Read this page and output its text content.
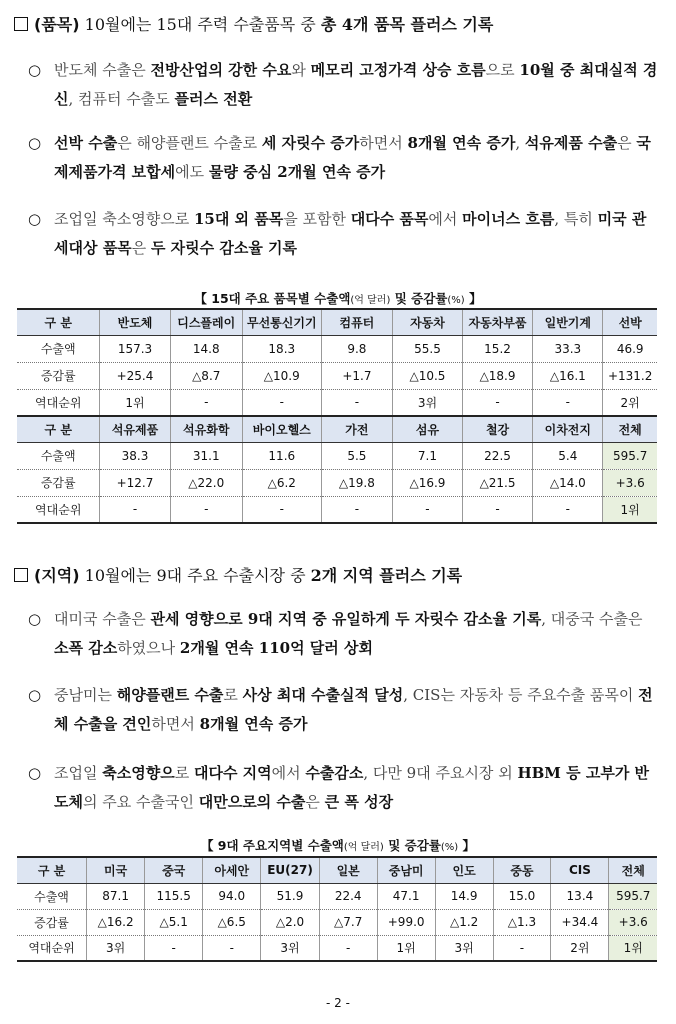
(품목) 10월에는 15대 주력 수출품목 중 총 4개 품목 플러스 기록
○ 반도체 수출은 전방산업의 강한 수요와 메모리 고정가격 상승 흐름으로 10월 중 최대실적 경신, 컴퓨터 수출도 플러스 전환
○ 선박 수출은 해양플랜트 수출로 세 자릿수 증가하면서 8개월 연속 증가, 석유제품 수출은 국제제품가격 보합세에도 물량 중심 2개월 연속 증가
○ 조업일 축소영향으로 15대 외 품목을 포함한 대다수 품목에서 마이너스 흐름, 특히 미국 관세대상 품목은 두 자릿수 감소율 기록
【 15대 주요 품목별 수출액(억 달러) 및 증감률(%) 】
구 분	반도체	디스플레이	무선통신기기	컴퓨터	자동차	자동차부품	일반기계	선박
수출액	157.3	14.8	18.3	9.8	55.5	15.2	33.3	46.9
증감률	+25.4	△8.7	△10.9	+1.7	△10.5	△18.9	△16.1	+131.2
역대순위	1위	-	-	-	3위	-	-	2위
구 분	석유제품	석유화학	바이오헬스	가전	섬유	철강	이차전지	전체
수출액	38.3	31.1	11.6	5.5	7.1	22.5	5.4	595.7
증감률	+12.7	△22.0	△6.2	△19.8	△16.9	△21.5	△14.0	+3.6
역대순위	-	-	-	-	-	-	-	1위
(지역) 10월에는 9대 주요 수출시장 중 2개 지역 플러스 기록
○ 대미국 수출은 관세 영향으로 9대 지역 중 유일하게 두 자릿수 감소율 기록, 대중국 수출은 소폭 감소하였으나 2개월 연속 110억 달러 상회
○ 중남미는 해양플랜트 수출로 사상 최대 수출실적 달성, CIS는 자동차 등 주요수출 품목이 전체 수출을 견인하면서 8개월 연속 증가
○ 조업일 축소영향으로 대다수 지역에서 수출감소, 다만 9대 주요시장 외 HBM 등 고부가 반도체의 주요 수출국인 대만으로의 수출은 큰 폭 성장
【 9대 주요지역별 수출액(억 달러) 및 증감률(%) 】
구 분	미국	중국	아세안	EU(27)	일본	중남미	인도	중동	CIS	전체
수출액	87.1	115.5	94.0	51.9	22.4	47.1	14.9	15.0	13.4	595.7
증감률	△16.2	△5.1	△6.5	△2.0	△7.7	+99.0	△1.2	△1.3	+34.4	+3.6
역대순위	3위	-	-	3위	-	1위	3위	-	2위	1위
- 2 -
